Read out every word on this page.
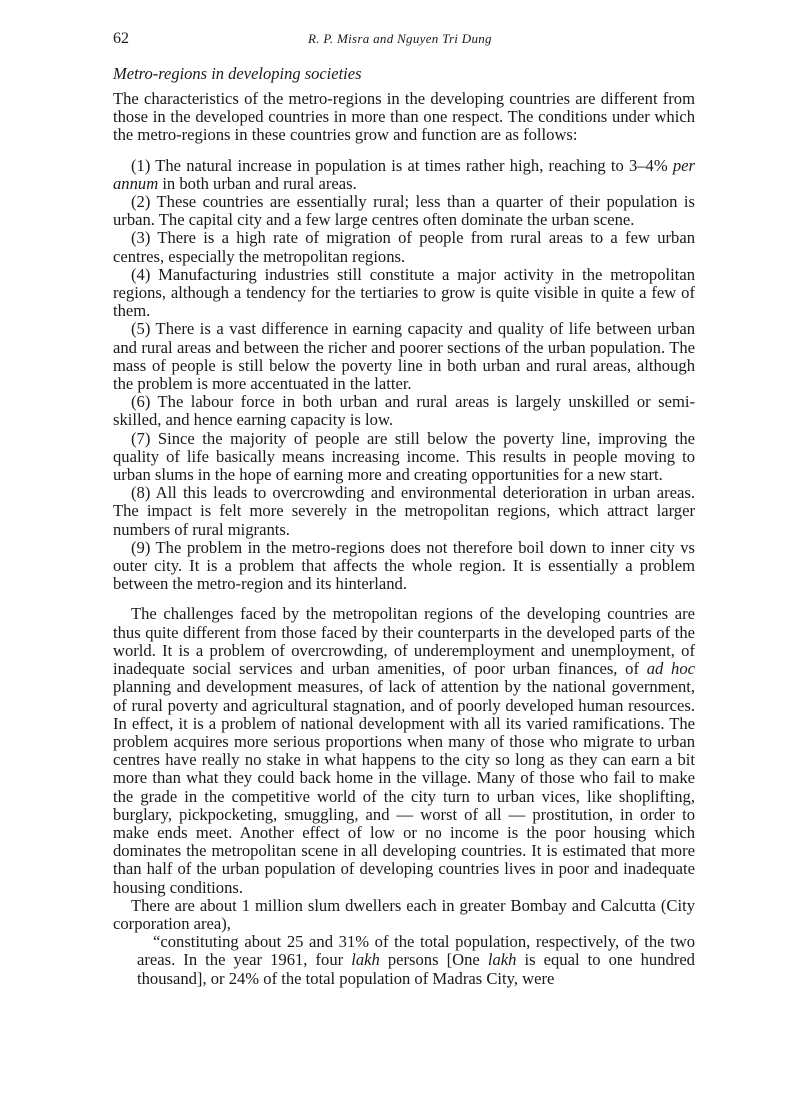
62	R. P. Misra and Nguyen Tri Dung
Metro-regions in developing societies

The characteristics of the metro-regions in the developing countries are different from those in the developed countries in more than one respect. The conditions under which the metro-regions in these countries grow and function are as follows:

(1) The natural increase in population is at times rather high, reaching to 3–4% per annum in both urban and rural areas.

(2) These countries are essentially rural; less than a quarter of their population is urban. The capital city and a few large centres often dominate the urban scene.

(3) There is a high rate of migration of people from rural areas to a few urban centres, especially the metropolitan regions.

(4) Manufacturing industries still constitute a major activity in the metropolitan regions, although a tendency for the tertiaries to grow is quite visible in quite a few of them.

(5) There is a vast difference in earning capacity and quality of life between urban and rural areas and between the richer and poorer sections of the urban population. The mass of people is still below the poverty line in both urban and rural areas, although the problem is more accentuated in the latter.

(6) The labour force in both urban and rural areas is largely unskilled or semi-skilled, and hence earning capacity is low.

(7) Since the majority of people are still below the poverty line, improving the quality of life basically means increasing income. This results in people moving to urban slums in the hope of earning more and creating opportunities for a new start.

(8) All this leads to overcrowding and environmental deterioration in urban areas. The impact is felt more severely in the metropolitan regions, which attract larger numbers of rural migrants.

(9) The problem in the metro-regions does not therefore boil down to inner city vs outer city. It is a problem that affects the whole region. It is essentially a problem between the metro-region and its hinterland.

The challenges faced by the metropolitan regions of the developing countries are thus quite different from those faced by their counterparts in the developed parts of the world. It is a problem of overcrowding, of underemployment and unemployment, of inadequate social services and urban amenities, of poor urban finances, of ad hoc planning and development measures, of lack of attention by the national government, of rural poverty and agricultural stagnation, and of poorly developed human resources. In effect, it is a problem of national development with all its varied ramifications. The problem acquires more serious proportions when many of those who migrate to urban centres have really no stake in what happens to the city so long as they can earn a bit more than what they could back home in the village. Many of those who fail to make the grade in the competitive world of the city turn to urban vices, like shoplifting, burglary, pickpocketing, smuggling, and — worst of all — prostitution, in order to make ends meet. Another effect of low or no income is the poor housing which dominates the metropolitan scene in all developing countries. It is estimated that more than half of the urban population of developing countries lives in poor and inadequate housing conditions.

There are about 1 million slum dwellers each in greater Bombay and Calcutta (City corporation area),

“constituting about 25 and 31% of the total population, respectively, of the two areas. In the year 1961, four lakh persons [One lakh is equal to one hundred thousand], or 24% of the total population of Madras City, were
